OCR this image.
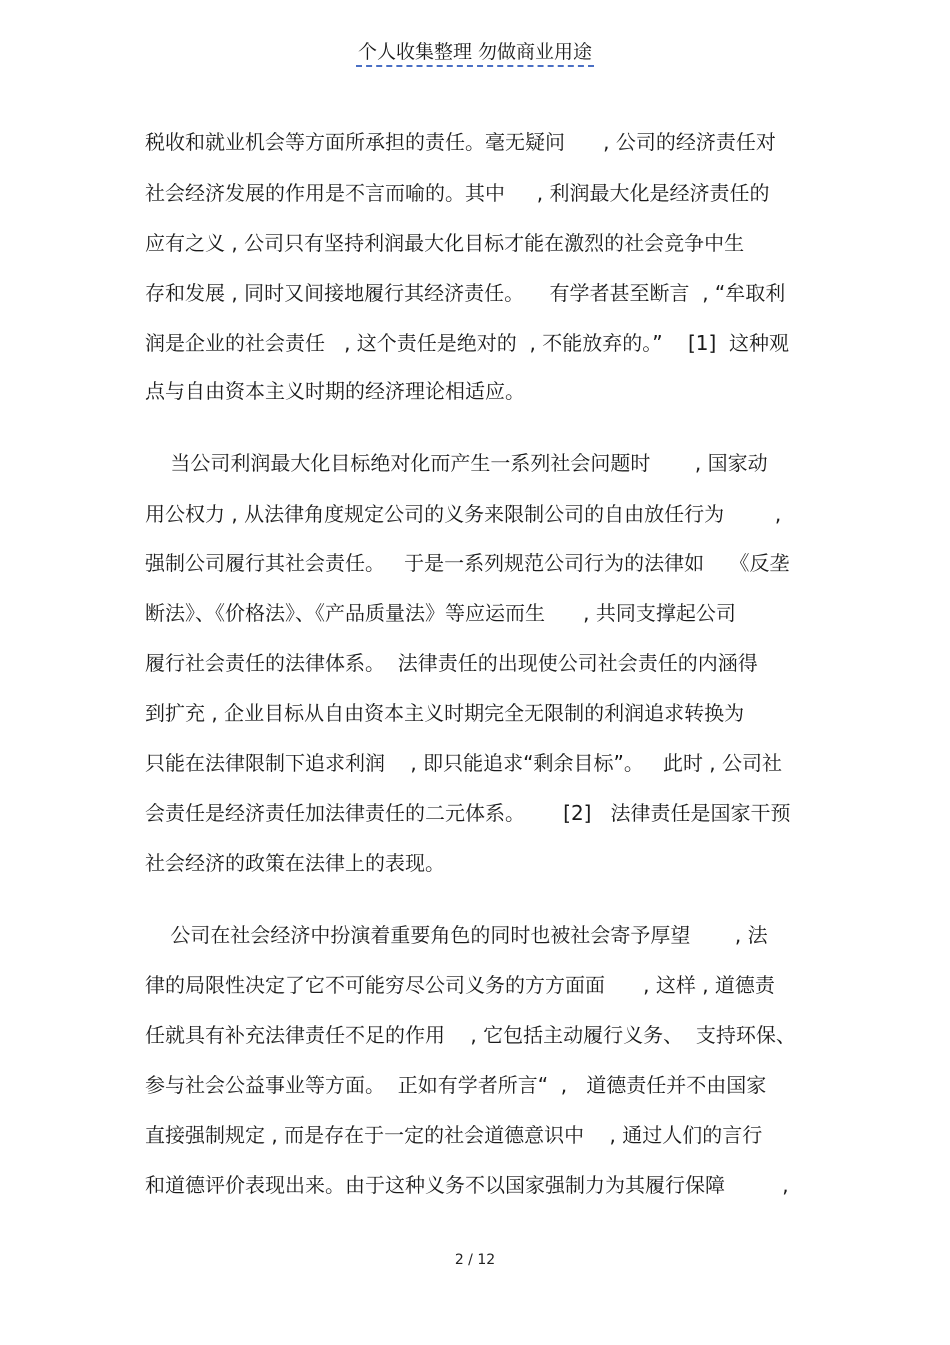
个人收集整理 勿做商业用途
税收和就业机会等方面所承担的责任。毫无疑问      , 公司的经济责任对
社会经济发展的作用是不言而喻的。其中     , 利润最大化是经济责任的
应有之义 , 公司只有坚持利润最大化目标才能在激烈的社会竞争中生
存和发展 , 同时又间接地履行其经济责任。    有学者甚至断言  , “牟取利
润是企业的社会责任   , 这个责任是绝对的  , 不能放弃的。”    [1]  这种观
点与自由资本主义时期的经济理论相适应。
当公司利润最大化目标绝对化而产生一系列社会问题时       , 国家动
用公权力 , 从法律角度规定公司的义务来限制公司的自由放任行为        ,
强制公司履行其社会责任。   于是一系列规范公司行为的法律如    《反垄
断法》、《价格法》、《产品质量法》等应运而生      , 共同支撑起公司
履行社会责任的法律体系。  法律责任的出现使公司社会责任的内涵得
到扩充 , 企业目标从自由资本主义时期完全无限制的利润追求转换为
只能在法律限制下追求利润    , 即只能追求“剩余目标”。   此时 , 公司社
会责任是经济责任加法律责任的二元体系。      [2]   法律责任是国家干预
社会经济的政策在法律上的表现。
公司在社会经济中扮演着重要角色的同时也被社会寄予厚望       , 法
律的局限性决定了它不可能穷尽公司义务的方方面面      , 这样 , 道德责
任就具有补充法律责任不足的作用    , 它包括主动履行义务、  支持环保、
参与社会公益事业等方面。  正如有学者所言“  ,   道德责任并不由国家
直接强制规定 , 而是存在于一定的社会道德意识中    , 通过人们的言行
和道德评价表现出来。由于这种义务不以国家强制力为其履行保障         ,
2 / 12
